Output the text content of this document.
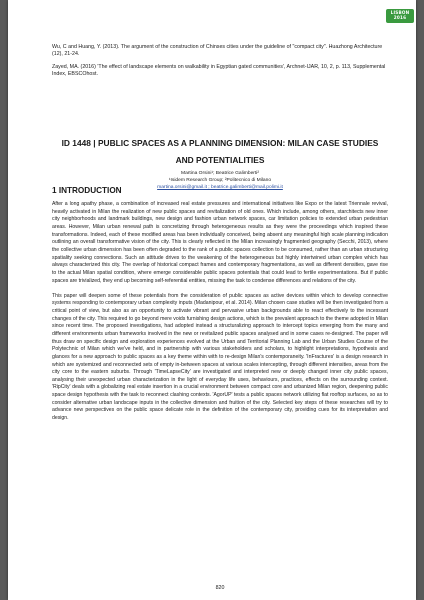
LISBON
2016

Wu, C and Huang, Y. (2013). The argument of the construction of Chinses cities under the guideline of "compact city". Huazhong Architecture (12), 21-24.

Zayed, MA. (2016) 'The effect of landscape elements on walkability in Egyptian gated communities', Archnet-IJAR, 10, 2, p. 113, Supplemental Index, EBSCOhost.

ID 1448 | PUBLIC SPACES AS A PLANNING DIMENSION: MILAN CASE STUDIES AND POTENTIALITIES
Martina Orsini¹; Beatrice Galimberti²
¹Isidem Research Group; ²Politecnico di Milano
martina.orsini@gmail.it ; beatrice.galimberti@mail.polimi.it
1 INTRODUCTION

After a long apathy phase, a combination of increased real estate pressures and international initiatives like Expo or the latest Triennale revival, heavily activated in Milan the realization of new public spaces and revitalization of old ones. Which include, among others, starchitects new inner city neighborhoods and landmark buildings, new design and fashion urban network spaces, car limitation policies to extended urban pedestrian areas. However, Milan urban renewal path is concretizing through heterogeneous results as they were the proceedings which inspired these transformations. Indeed, each of these modified areas has been individually conceived, being absent any meaningful high scale planning indication outlining an overall transformative vision of the city. This is clearly reflected in the Milan increasingly fragmented geography (Secchi, 2013), where the collective urban dimension has been often degraded to the rank of a public spaces collection to be consumed, rather than an urban structuring spatiality seeking connections. Such an attitude drives to the weakening of the heterogeneous but highly intertwined urban complex which has always characterized this city. The overlap of historical compact frames and contemporary fragmentations, as well as different densities, gave rise to the actual Milan spatial condition, where emerge considerable public spaces potentials that could lead to fertile experimentations. But if public spaces are trivialized, they end up becoming self-referential entities, missing the task to condense differences and relations of the city.

This paper will deepen some of these potentials from the consideration of public spaces as active devices within which to develop connective systems responding to contemporary urban complexity inputs (Madanipour, et al. 2014). Milan chosen case studies will be then investigated from a critical point of view, but also as an opportunity to activate vibrant and pervasive urban backgrounds able to react effectively to the incessant changes of the city. This required to go beyond mere voids furnishing design actions, which is the prevalent approach to the theme adopted in Milan since recent time. The proposed investigations, had adopted instead a structuralizing approach to intercept topics emerging from the many and different environments urban frameworks involved in the new or revitalized public spaces analysed and in some cases re-designed. The paper will thus draw on specific design and exploration experiences evolved at the Urban and Territorial Planning Lab and the Urban Studies Course of the Polytechnic of Milan which we've held, and in partnership with various stakeholders and scholars, to highlight interpretations, hypothesis and glances for a new approach to public spaces as a key theme within with to re-design Milan's contemporaneity. 'InFractures' is a design research in which are systemized and reconnected sets of empty in-between spaces at various scales intercepting, through different intensities, areas from the city core to the eastern suburbs. Through 'TimeLapseCity' are investigated and interpreted new or deeply changed inner city public spaces, analysing their unexpected urban characterization in the light of everyday life uses, behaviours, practices, effects on the surrounding context. 'RipCity' deals with a globalizing real estate insertion in a crucial environment between compact core and urbanized Milan region, deepening public space design hypothesis with the task to reconnect clashing contexts. 'AgorUP' tests a public spaces network utilizing flat rooftop surfaces, so as to consider alternative urban landscape inputs in the collective dimension and fruition of the city. Selected key steps of these researches will try to advance new perspectives on the public space delicate role in the definition of the contemporary city, providing cues for its interpretation and design.

820
